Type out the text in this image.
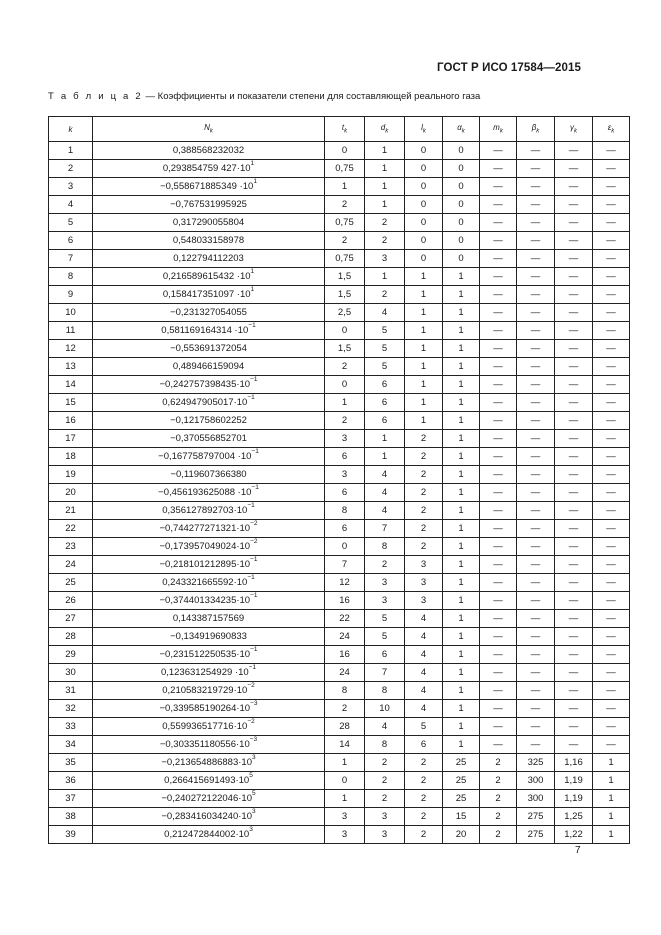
ГОСТ Р ИСО 17584—2015
Т а б л и ц а 2 — Коэффициенты и показатели степени для составляющей реального газа
k	$N_k$	$t_k$	$d_k$	$l_k$	$\alpha_k$	$m_k$	$\beta_k$	$\gamma_k$	$\varepsilon_k$
1	0,388568232032	0	1	0	0	—	—	—	—
2	0,293854759 $427\cdot 10^1$	0,75	1	0	0	—	—	—	—
3	$-0,558671885349 \cdot 10^1$	1	1	0	0	—	—	—	—
4	−0,767531995925	2	1	0	0	—	—	—	—
5	0,317290055804	0,75	2	0	0	—	—	—	—
6	0,548033158978	2	2	0	0	—	—	—	—
7	0,122794112203	0,75	3	0	0	—	—	—	—
8	$0,216589615432 \cdot 10^1$	1,5	1	1	1	—	—	—	—
9	$0,158417351097 \cdot 10^1$	1,5	2	1	1	—	—	—	—
10	−0,231327054055	2,5	4	1	1	—	—	—	—
11	$0,581169164314 \cdot 10^{-1}$	0	5	1	1	—	—	—	—
12	−0,553691372054	1,5	5	1	1	—	—	—	—
13	0,489466159094	2	5	1	1	—	—	—	—
14	$-0,242757398435\cdot 10^{-1}$	0	6	1	1	—	—	—	—
15	$0,624947905017\cdot 10^{-1}$	1	6	1	1	—	—	—	—
16	−0,121758602252	2	6	1	1	—	—	—	—
17	−0,370556852701	3	1	2	1	—	—	—	—
18	$-0,167758797004 \cdot 10^{-1}$	6	1	2	1	—	—	—	—
19	−0,119607366380	3	4	2	1	—	—	—	—
20	$-0,456193625088 \cdot 10^{-1}$	6	4	2	1	—	—	—	—
21	$0,356127892703\cdot 10^{-1}$	8	4	2	1	—	—	—	—
22	$-0,744277271321\cdot 10^{-2}$	6	7	2	1	—	—	—	—
23	$-0,173957049024\cdot 10^{-2}$	0	8	2	1	—	—	—	—
24	$-0,218101212895\cdot 10^{-1}$	7	2	3	1	—	—	—	—
25	$0,243321665592\cdot 10^{-1}$	12	3	3	1	—	—	—	—
26	$-0,374401334235\cdot 10^{-1}$	16	3	3	1	—	—	—	—
27	0,143387157569	22	5	4	1	—	—	—	—
28	−0,134919690833	24	5	4	1	—	—	—	—
29	$-0,231512250535\cdot 10^{-1}$	16	6	4	1	—	—	—	—
30	$0,123631254929 \cdot 10^{-1}$	24	7	4	1	—	—	—	—
31	$0,210583219729\cdot 10^{-2}$	8	8	4	1	—	—	—	—
32	$-0,339585190264\cdot 10^{-3}$	2	10	4	1	—	—	—	—
33	$0,559936517716\cdot 10^{-2}$	28	4	5	1	—	—	—	—
34	$-0,303351180556\cdot 10^{-3}$	14	8	6	1	—	—	—	—
35	$-0,213654886883\cdot 10^3$	1	2	2	25	2	325	1,16	1
36	$0,266415691493\cdot 10^5$	0	2	2	25	2	300	1,19	1
37	$-0,240272122046\cdot 10^5$	1	2	2	25	2	300	1,19	1
38	$-0,283416034240\cdot 10^3$	3	3	2	15	2	275	1,25	1
39	$0,212472844002\cdot 10^3$	3	3	2	20	2	275	1,22	1
7
